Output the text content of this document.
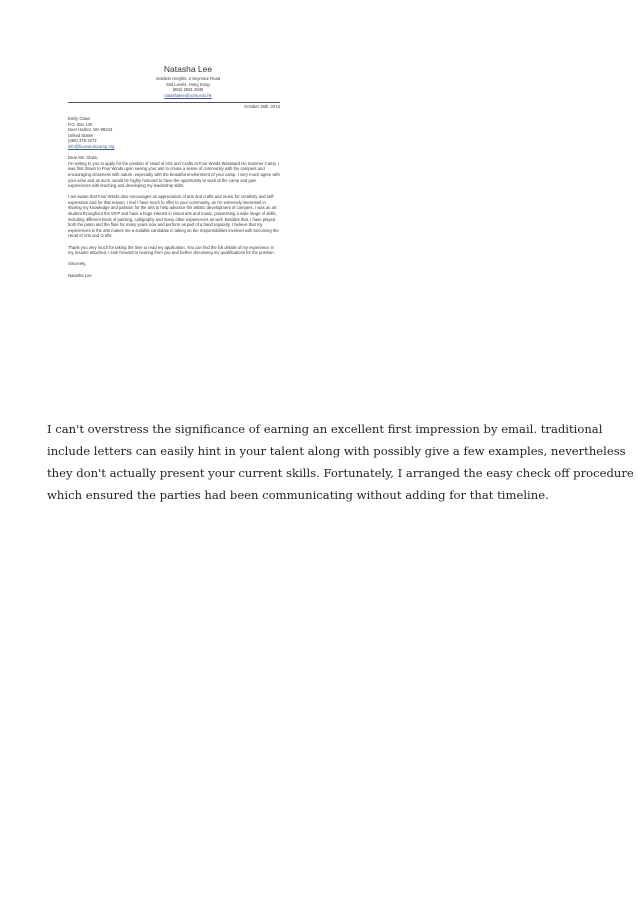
Natasha Lee
Goldwin Heights, 2 Seymour Road
Mid Levels, Hong Kong
(852) 2561 2846
natashalee@cuhk.edu.hk
October 28th, 2013
Emily Glass
P.O. Box 140
Deer Harbor, WA 98243
United States
(360) 376-2272
info@fourwindscamp.org
Dear Ms. Glass,
I'm writing to you to apply for the position of Head of Arts and Crafts at Four Winds Westward Ho Summer Camp. I was first drawn to Four Winds upon seeing your aim to create a sense of community with the campers and encouraging closeness with nature, especially with the beautiful environment of your camp. I very much agree with your aims and as such, would be highly honored to have the opportunity to work at the camp and gain experiences with teaching and developing my leadership skills.
I am aware that Four Winds also encourages an appreciation of arts and crafts and music for creativity and self-expression and for that reason, I feel I have much to offer to your community, as I'm extremely interested in sharing my knowledge and passion for the arts to help advance the artistic development of campers. I was an art student throughout the MYP and have a huge interest in visual arts and music, possessing a wide range of skills, including different kinds of painting, calligraphy and many other experiences as well. Besides that, I have played both the piano and the flute for many years now and perform as part of a band regularly. I believe that my experiences in the arts makes me a suitable candidate in taking on the responsibilities involved with becoming the Head of Arts and Crafts.
Thank you very much for taking the time to read my application. You can find the full details of my experience in my resume attached. I look forward to hearing from you and further discussing my qualifications for the position.
Sincerely,
Natasha Lee
I can't overstress the significance of earning an excellent first impression by email. traditional
include letters can easily hint in your talent along with possibly give a few examples, nevertheless
they don't actually present your current skills. Fortunately, I arranged the easy check off procedure
which ensured the parties had been communicating without adding for that timeline.
